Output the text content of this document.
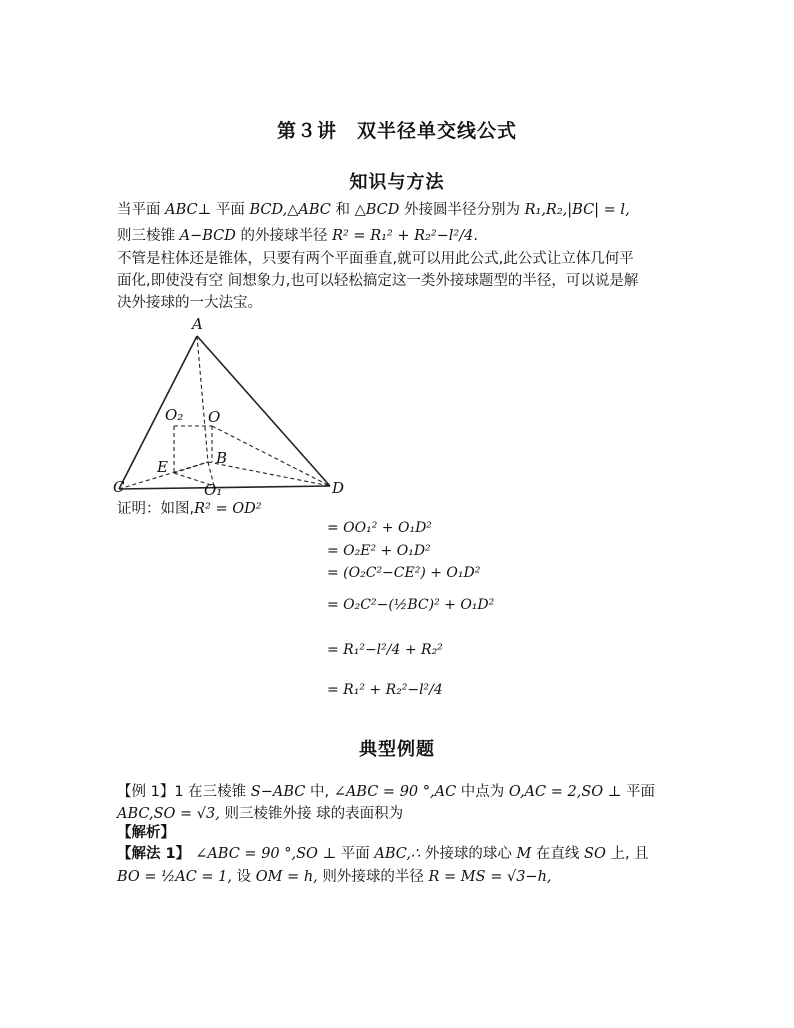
第３讲　双半径单交线公式
知识与方法
当平面 ABC⊥ 平面 BCD,△ABC 和 △BCD 外接圆半径分别为 R₁,R₂,|BC| = l,
则三棱锥 A−BCD 的外接球半径 R² = R₁² + R₂²−l²/4.
不管是柱体还是锥体，只要有两个平面垂直,就可以用此公式,此公式让立体几何平
面化,即使没有空 间想象力,也可以轻松搞定这一类外接球题型的半径，可以说是解
决外接球的一大法宝。
A
O₂ O
E	B
C	O₁	D
证明：如图,R² = OD²
= OO₁² + O₁D²
= O₂E² + O₁D²
= (O₂C²−CE²) + O₁D²
= O₂C²−(½BC)² + O₁D²
= R₁²−l²/4 + R₂²
= R₁² + R₂²−l²/4
典型例题
【例 1】1 在三棱锥 S−ABC 中, ∠ABC = 90 °,AC 中点为 O,AC = 2,SO ⊥ 平面
ABC,SO = √3, 则三棱锥外接 球的表面积为
【解析】
【解法 1】 ∠ABC = 90 °,SO ⊥ 平面 ABC,∴ 外接球的球心 M 在直线 SO 上, 且
BO = ½AC = 1, 设 OM = h, 则外接球的半径 R = MS = √3−h,
